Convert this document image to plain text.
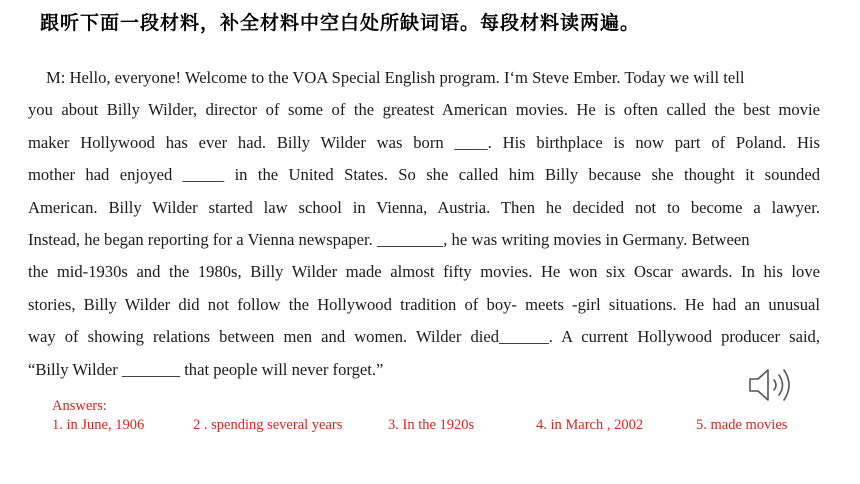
跟听下面一段材料，补全材料中空白处所缺词语。每段材料读两遍。
M: Hello, everyone! Welcome to the VOA Special English program. I‘m Steve Ember. Today we will tell
you about Billy Wilder, director of some of the greatest American movies. He is often called the best movie
maker Hollywood has ever had. Billy Wilder was born ____. His birthplace is now part of Poland. His
mother had enjoyed _____ in the United States. So she called him Billy because she thought it sounded
American. Billy Wilder started law school in Vienna, Austria. Then he decided not to become a lawyer.
Instead, he began reporting for a Vienna newspaper. ________, he was writing movies in Germany. Between
the mid-1930s and the 1980s, Billy Wilder made almost fifty movies. He won six Oscar awards. In his love
stories, Billy Wilder did not follow the Hollywood tradition of boy- meets -girl situations. He had an unusual
way of showing relations between men and women. Wilder died______. A current Hollywood producer said,
“Billy Wilder _______ that people will never forget.”
Answers:
1. in June, 1906	2 . spending several years	3. In the 1920s	4. in March , 2002	5. made movies
